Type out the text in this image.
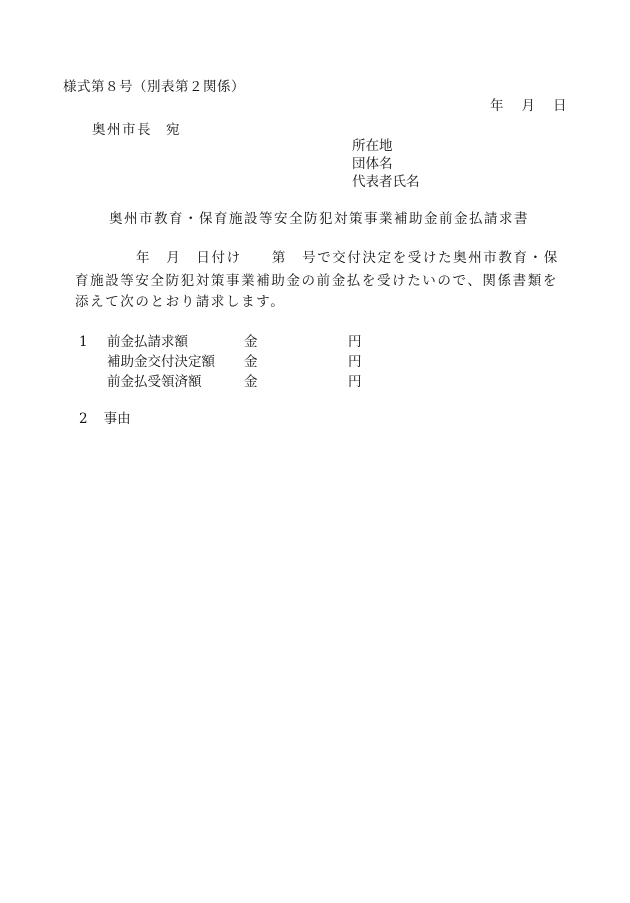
様式第８号（別表第２関係）
年 月 日
奥州市長 宛
所在地
団体名
代表者氏名
奥州市教育・保育施設等安全防犯対策事業補助金前金払請求書
年　月　日付け　　第　号で交付決定を受けた奥州市教育・保
育施設等安全防犯対策事業補助金の前金払を受けたいので、関係書類を
添えて次のとおり請求します。
1 前金払請求額	金	円
補助金交付決定額 金	円
前金払受領済額	金	円
2 事由
